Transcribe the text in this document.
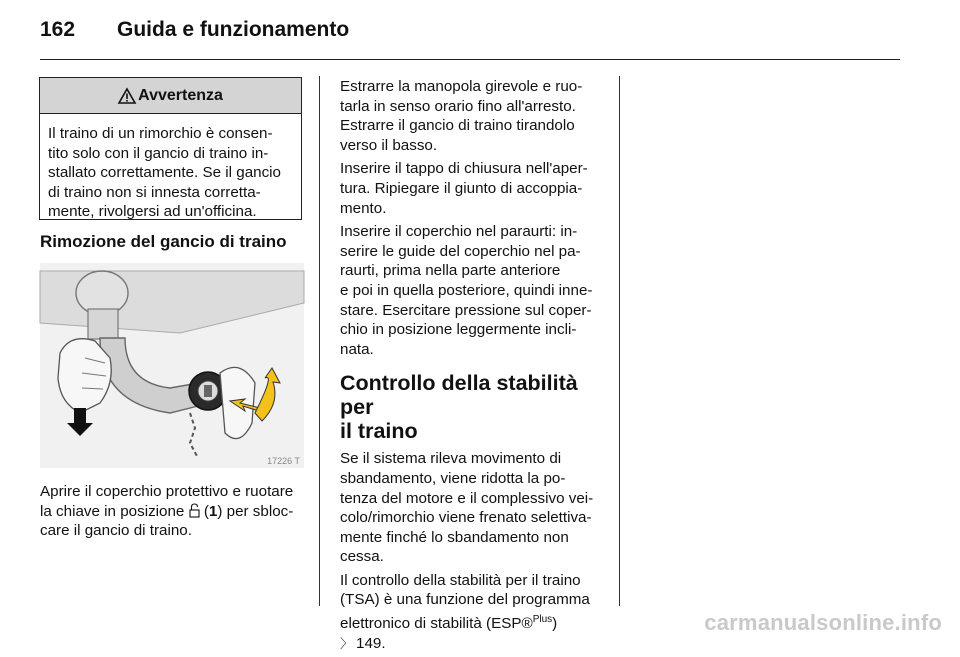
162 Guida e funzionamento
Avvertenza
Il traino di un rimorchio è consen-
tito solo con il gancio di traino in-
stallato correttamente. Se il gancio
di traino non si innesta corretta-
mente, rivolgersi ad un'officina.
Rimozione del gancio di traino
17226 T
Aprire il coperchio protettivo e ruotare
la chiave in posizione (1) per sbloc-
care il gancio di traino.

Estrarre la manopola girevole e ruo-
tarla in senso orario fino all'arresto.
Estrarre il gancio di traino tirandolo
verso il basso.

Inserire il tappo di chiusura nell'aper-
tura. Ripiegare il giunto di accoppia-
mento.

Inserire il coperchio nel paraurti: in-
serire le guide del coperchio nel pa-
raurti, prima nella parte anteriore
e poi in quella posteriore, quindi inne-
stare. Esercitare pressione sul coper-
chio in posizione leggermente incli-
nata.

Controllo della stabilità per
il traino

Se il sistema rileva movimento di
sbandamento, viene ridotta la po-
tenza del motore e il complessivo vei-
colo/rimorchio viene frenato selettiva-
mente finché lo sbandamento non
cessa.

Il controllo della stabilità per il traino
(TSA) è una funzione del programma
elettronico di stabilità (ESP®$^{Plus}$)
〉 149.

carmanualsonline.info
